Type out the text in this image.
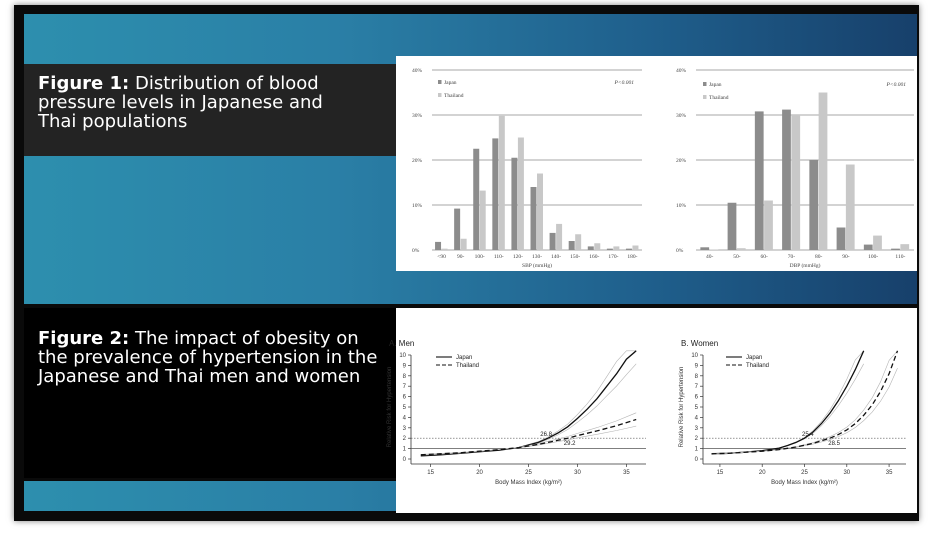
Figure 1: Distribution of blood pressure levels in Japanese and Thai populations
Figure 2: The impact of obesity on the prevalence of hypertension in the Japanese and Thai men and women
0%
10%
20%
30%
40%
<90 90- 100- 110- 120- 130- 140- 150- 160- 170- 180-
SBP (mmHg)
Japan
Thailand
P<0.001
0%
10%
20%
30%
40%
40-	50-	60-	70-	80-	90-	100-	110-
DBP (mmHg)
Japan
Thailand
P<0.001
A. Men
0
1
2
3
4
5
6
7
8
9
10
15	20	25	30	35
Body Mass Index (kg/m²)
Relative Risk for Hypertension
Japan
Thailand
26.8
29.2
B. Women
0
1
2
3
4
5
6
7
8
9
10
15	20	25	30	35
Body Mass Index (kg/m²)
Relative Risk for Hypertension
Japan
Thailand
25.4
28.5
